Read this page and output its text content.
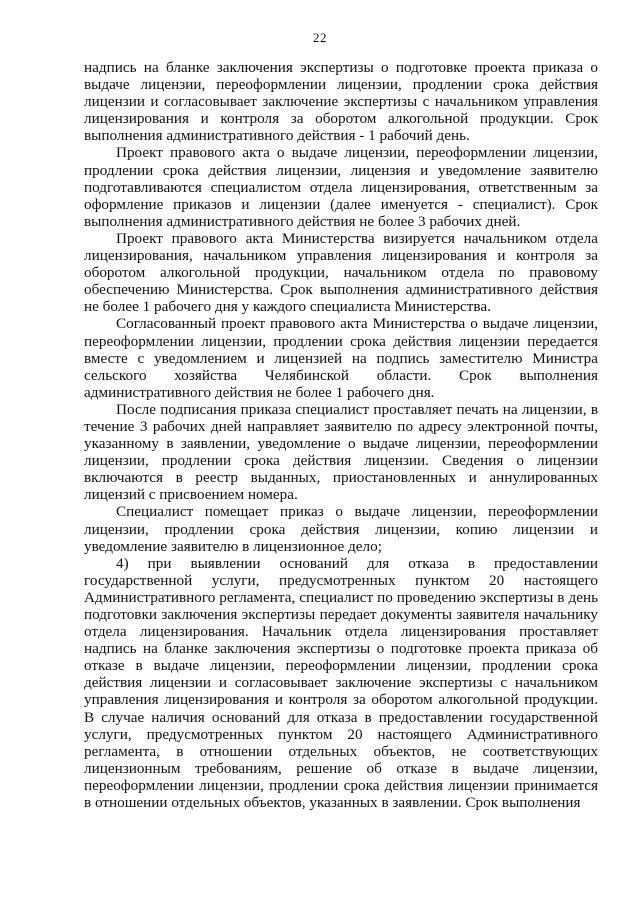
22

надпись на бланке заключения экспертизы о подготовке проекта приказа о выдаче лицензии, переоформлении лицензии, продлении срока действия лицензии и согласовывает заключение экспертизы с начальником управления лицензирования и контроля за оборотом алкогольной продукции. Срок выполнения административного действия - 1 рабочий день.

Проект правового акта о выдаче лицензии, переоформлении лицензии, продлении срока действия лицензии, лицензия и уведомление заявителю подготавливаются специалистом отдела лицензирования, ответственным за оформление приказов и лицензии (далее именуется - специалист). Срок выполнения административного действия не более 3 рабочих дней.

Проект правового акта Министерства визируется начальником отдела лицензирования, начальником управления лицензирования и контроля за оборотом алкогольной продукции, начальником отдела по правовому обеспечению Министерства. Срок выполнения административного действия не более 1 рабочего дня у каждого специалиста Министерства.

Согласованный проект правового акта Министерства о выдаче лицензии, переоформлении лицензии, продлении срока действия лицензии передается вместе с уведомлением и лицензией на подпись заместителю Министра сельского хозяйства Челябинской области. Срок выполнения административного действия не более 1 рабочего дня.

После подписания приказа специалист проставляет печать на лицензии, в течение 3 рабочих дней направляет заявителю по адресу электронной почты, указанному в заявлении, уведомление о выдаче лицензии, переоформлении лицензии, продлении срока действия лицензии. Сведения о лицензии включаются в реестр выданных, приостановленных и аннулированных лицензий с присвоением номера.

Специалист помещает приказ о выдаче лицензии, переоформлении лицензии, продлении срока действия лицензии, копию лицензии и уведомление заявителю в лицензионное дело;

4) при выявлении оснований для отказа в предоставлении государственной услуги, предусмотренных пунктом 20 настоящего Административного регламента, специалист по проведению экспертизы в день подготовки заключения экспертизы передает документы заявителя начальнику отдела лицензирования. Начальник отдела лицензирования проставляет надпись на бланке заключения экспертизы о подготовке проекта приказа об отказе в выдаче лицензии, переоформлении лицензии, продлении срока действия лицензии и согласовывает заключение экспертизы с начальником управления лицензирования и контроля за оборотом алкогольной продукции. В случае наличия оснований для отказа в предоставлении государственной услуги, предусмотренных пунктом 20 настоящего Административного регламента, в отношении отдельных объектов, не соответствующих лицензионным требованиям, решение об отказе в выдаче лицензии, переоформлении лицензии, продлении срока действия лицензии принимается в отношении отдельных объектов, указанных в заявлении. Срок выполнения
